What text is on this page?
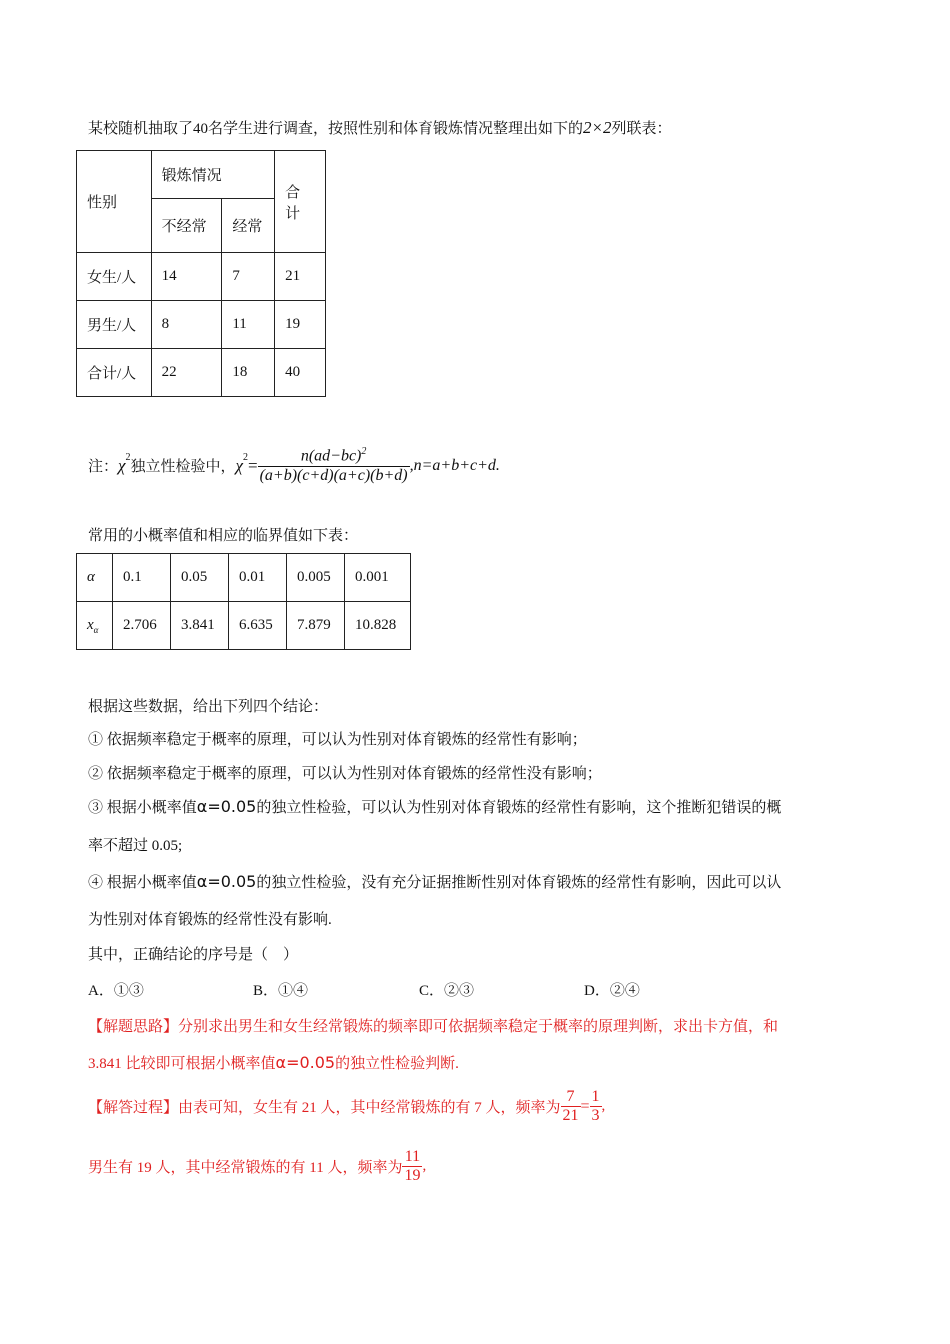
某校随机抽取了40名学生进行调查，按照性别和体育锻炼情况整理出如下的2×2列联表：
性别	锻炼情况		合计
	不经常	经常	
女生/人	14	7	21
男生/人	8	11	19
合计/人	22	18	40
注： $\chi^2$
独立性检验中， $\chi^2 = \frac{n(ad-bc)^2}{(a+b)(c+d)(a+c)(b+d)} ,n=a+b+c+d$.
常用的小概率值和相应的临界值如下表：
α	0.1	0.05	0.01	0.005	0.001
$x_\alpha$	2.706	3.841	6.635	7.879	10.828
根据这些数据，给出下列四个结论：
① 依据频率稳定于概率的原理，可以认为性别对体育锻炼的经常性有影响；
② 依据频率稳定于概率的原理，可以认为性别对体育锻炼的经常性没有影响；
③ 根据小概率值α=0.05的独立性检验，可以认为性别对体育锻炼的经常性有影响，这个推断犯错误的概
率不超过 0.05;
④ 根据小概率值α=0.05的独立性检验，没有充分证据推断性别对体育锻炼的经常性有影响，因此可以认
为性别对体育锻炼的经常性没有影响.
其中，正确结论的序号是（　）
A．①③	B．①④	C．②③	D．②④
【解题思路】分别求出男生和女生经常锻炼的频率即可依据频率稳定于概率的原理判断，求出卡方值，和
3.841 比较即可根据小概率值α=0.05的独立性检验判断.
【解答过程】由表可知，女生有 21 人，其中经常锻炼的有 7 人，频率为 $\frac{7}{21} = \frac{1}{3}$ ,
男生有 19 人，其中经常锻炼的有 11 人，频率为 $\frac{11}{19}$ ,
